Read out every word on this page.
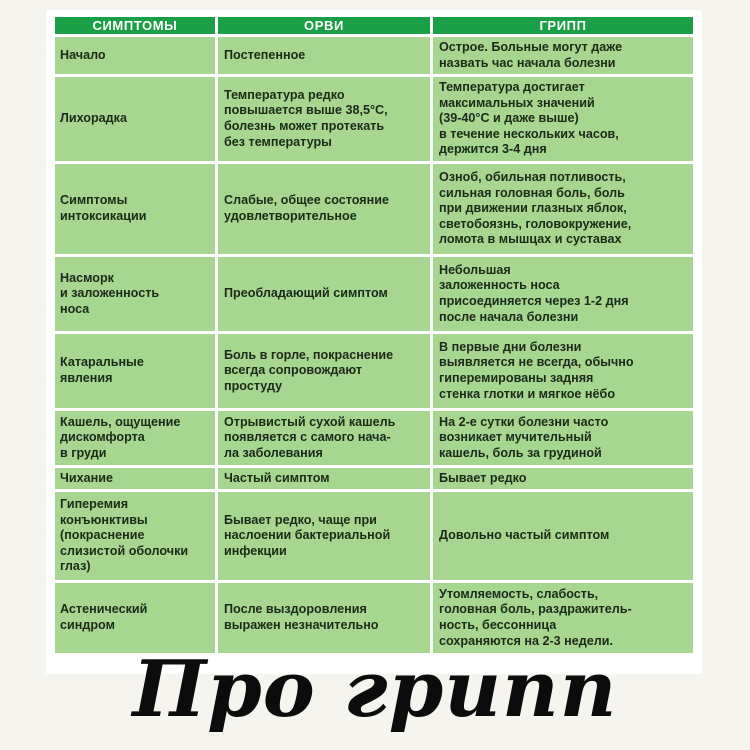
СИМПТОМЫ	ОРВИ	ГРИПП
Начало	Постепенное	Острое. Больные могут даже
назвать час начала болезни
Лихорадка	Температура редко
повышается выше 38,5°С,
болезнь может протекать
без температуры	Температура достигает
максимальных значений
(39-40°С и даже выше)
в течение нескольких часов,
держится 3-4 дня
Симптомы
интоксикации	Слабые, общее состояние
удовлетворительное	Озноб, обильная потливость,
сильная головная боль, боль
при движении глазных яблок,
светобоязнь, головокружение,
ломота в мышцах и суставах
Насморк
и заложенность
носа	Преобладающий симптом	Небольшая
заложенность носа
присоединяется через 1-2 дня
после начала болезни
Катаральные
явления	Боль в горле, покраснение
всегда сопровождают
простуду	В первые дни болезни
выявляется не всегда, обычно
гиперемированы задняя
стенка глотки и мягкое нёбо
Кашель, ощущение
дискомфорта
в груди	Отрывистый сухой кашель
появляется с самого нача-
ла заболевания	На 2-е сутки болезни часто
возникает мучительный
кашель, боль за грудиной
Чихание	Частый симптом	Бывает редко
Гиперемия
конъюнктивы
(покраснение
слизистой оболочки
глаз)	Бывает редко, чаще при
наслоении бактериальной
инфекции	Довольно частый симптом
Астенический
синдром	После выздоровления
выражен незначительно	Утомляемость, слабость,
головная боль, раздражитель-
ность, бессонница
сохраняются на 2-3 недели.
Про грипп
